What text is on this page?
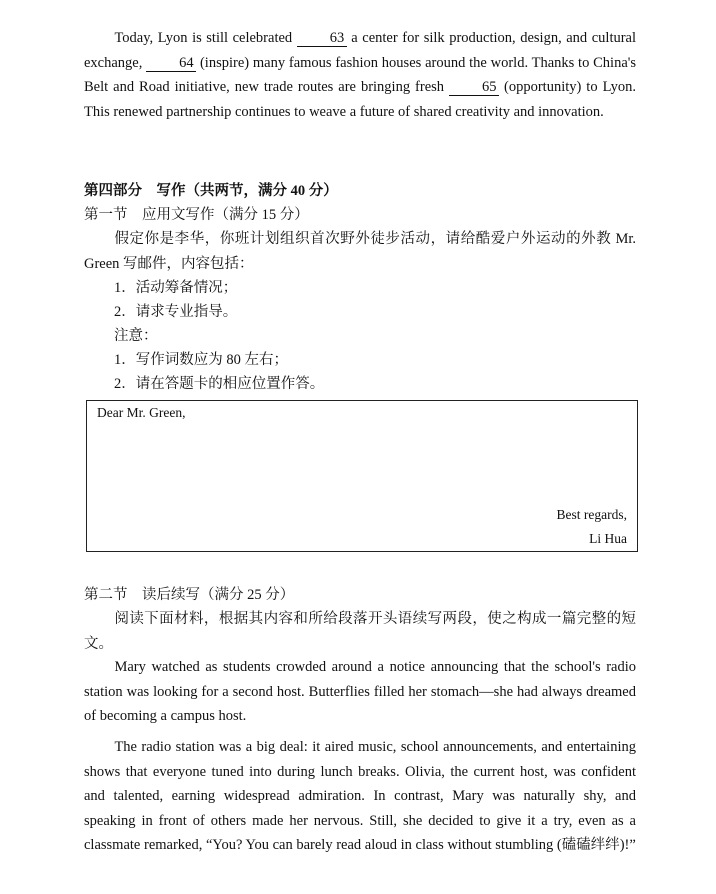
Today, Lyon is still celebrated	63 a center for silk production, design, and cultural exchange,	64 (inspire) many famous fashion houses around the world. Thanks to China's Belt and Road initiative, new trade routes are bringing fresh	65 (opportunity) to Lyon. This renewed partnership continues to weave a future of shared creativity and innovation.

第四部分　写作（共两节，满分 40 分）

第一节　应用文写作（满分 15 分）

假定你是李华，你班计划组织首次野外徒步活动，请给酷爱户外运动的外教 Mr. Green 写邮件，内容包括：

1．活动筹备情况；

2．请求专业指导。

注意：

1．写作词数应为 80 左右；

2．请在答题卡的相应位置作答。

Dear Mr. Green,
Best regards,
Li Hua

第二节　读后续写（满分 25 分）

阅读下面材料，根据其内容和所给段落开头语续写两段，使之构成一篇完整的短文。

Mary watched as students crowded around a notice announcing that the school's radio station was looking for a second host. Butterflies filled her stomach—she had always dreamed of becoming a campus host.

The radio station was a big deal: it aired music, school announcements, and entertaining shows that everyone tuned into during lunch breaks. Olivia, the current host, was confident and talented, earning widespread admiration. In contrast, Mary was naturally shy, and speaking in front of others made her nervous. Still, she decided to give it a try, even as a classmate remarked, “You? You can barely read aloud in class without stumbling (磕磕绊绊)!”
